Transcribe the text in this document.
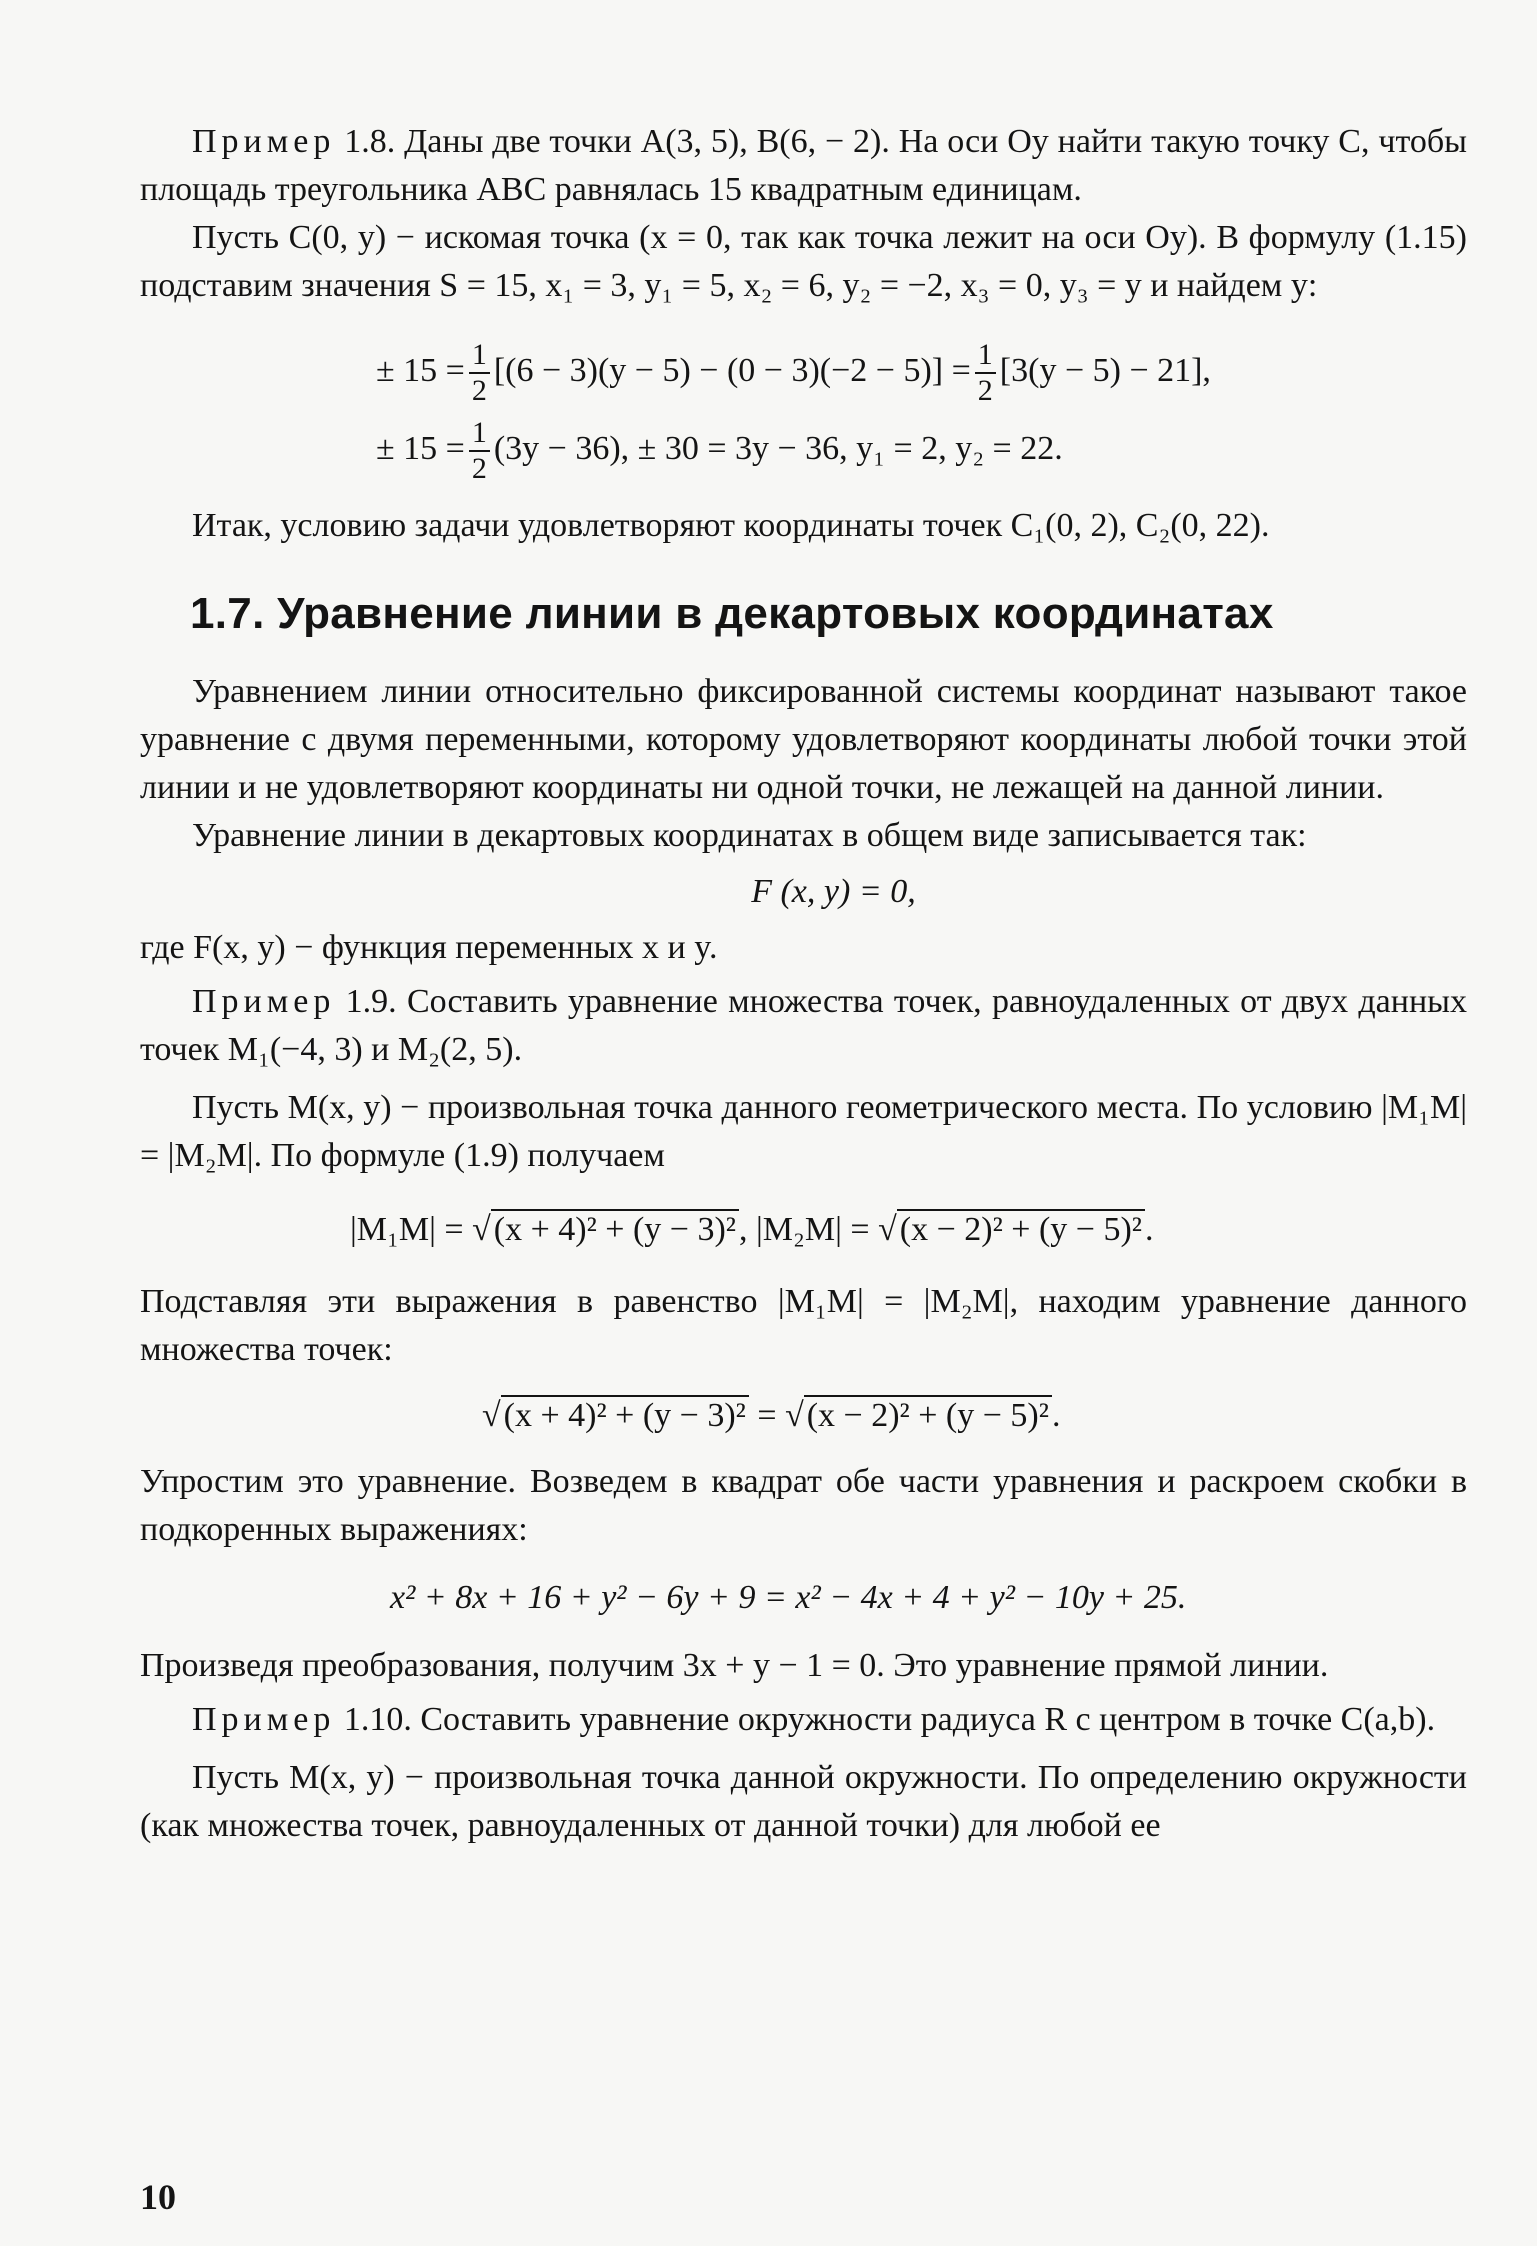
Пример 1.8. Даны две точки A(3, 5), B(6, − 2). На оси Oy найти такую точку C, чтобы площадь треугольника ABC равнялась 15 квадратным единицам.

Пусть C(0, y) − искомая точка (x = 0, так как точка лежит на оси Oy). В формулу (1.15) подставим значения S = 15, x₁ = 3, y₁ = 5, x₂ = 6, y₂ = −2, x₃ = 0, y₃ = y и найдем y:

± $15 = \frac{1}{2} [(6 - 3)(y - 5) - (0 - 3)(-2 - 5)] = \frac{1}{2} [3(y - 5) - 21]$,
± $15 = \frac{1}{2} (3y - 36)$, ± 30 = 3y − 36, y₁ = 2, y₂ = 22.

Итак, условию задачи удовлетворяют координаты точек C₁(0, 2), C₂(0, 22).

1.7. Уравнение линии в декартовых координатах

Уравнением линии относительно фиксированной системы координат называют такое уравнение с двумя переменными, которому удовлетворяют координаты любой точки этой линии и не удовлетворяют координаты ни одной точки, не лежащей на данной линии.

Уравнение линии в декартовых координатах в общем виде записывается так:

F (x, y) = 0,

где F(x, y) − функция переменных x и y.

Пример 1.9. Составить уравнение множества точек, равноудаленных от двух данных точек M₁(−4, 3) и M₂(2, 5).

Пусть M(x, y) − произвольная точка данного геометрического места. По условию |M₁M| = |M₂M|. По формуле (1.9) получаем

|M₁M| = √(x + 4)² + (y − 3)², |M₂M| = √(x − 2)² + (y − 5)².

Подставляя эти выражения в равенство |M₁M| = |M₂M|, находим уравнение данного множества точек:

√(x + 4)² + (y − 3)² = √(x − 2)² + (y − 5)².

Упростим это уравнение. Возведем в квадрат обе части уравнения и раскроем скобки в подкоренных выражениях:

x² + 8x + 16 + y² − 6y + 9 = x² − 4x + 4 + y² − 10y + 25.

Произведя преобразования, получим 3x + y − 1 = 0. Это уравнение прямой линии.

Пример 1.10. Составить уравнение окружности радиуса R с центром в точке C(a,b).

Пусть M(x, y) − произвольная точка данной окружности. По определению окружности (как множества точек, равноудаленных от данной точки) для любой ее

10
